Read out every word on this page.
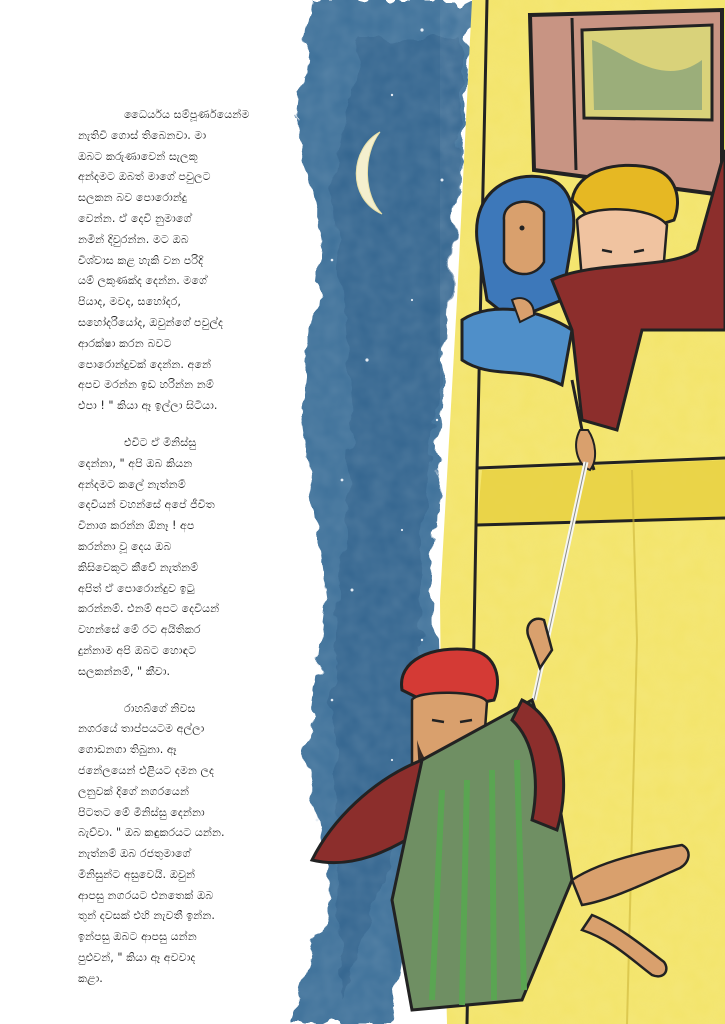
ධෛර්යය සම්පූර්ණයෙන්ම
නැතිවී ගොස් තිබෙනවා. මා
ඔබට කරුණාවෙන් සැලකූ
අන්දමට ඔබත් මාගේ පවුලට
සලකන බව පොරොන්දු
වෙන්න. ඒ දෙවි නුමාගේ
නමින් දිවුරන්න. මට ඔබ
විශ්වාස කළ හැකි වන පරිදි
යම් ලකුණක්ද දෙන්න. මගේ
පියාද, මවද, සහෝදර,
සහෝදරියෝද, ඔවුන්ගේ පවුල්ද
ආරක්ෂා කරන බවට
පොරොන්දුවක් දෙන්න. අනේ
අපව මරන්න ඉඩ හරින්න නම්
එපා ! " කියා ඈ ඉල්ලා සිටියා.

එවිට ඒ මිනිස්සු
දෙන්නා, " අපි ඔබ කියන
අන්දමට කලේ නැත්නම්
දෙවියන් වහන්සේ අපේ ජීවිත
විනාශ කරන්න ඕනෑ ! අප
කරන්නා වූ දෙය ඔබ
කිසිවෙකුට කීවේ නැත්නම්
අපිත් ඒ පොරොන්දුව ඉටු
කරන්නම්. එනම් අපට දෙවියන්
වහන්සේ මේ රට අයිතිකර
දුන්නාම අපි ඔබට හොඳට
සලකන්නම්, " කීවා.

රාහබ්ගේ නිවස
නගරයේ තාප්පයටම අල්ලා
ගොඩනගා තිබුනා. ඈ
ජනේලයෙන් එළියට දමන ලද
ලනුවක් දිගේ නගරයෙන්
පිටතට මේ මිනිස්සු දෙන්නා
බැව්වා. " ඔබ කඳුකරයට යන්න.
නැත්නම් ඔබ රජතුමාගේ
මිනිසුන්ට අසුවෙයි. ඔවුන්
ආපසු නගරයට එනතෙක් ඔබ
තුන් දවසක් එහි නැවතී ඉන්න.
ඉන්පසු ඔබට ආපසු යන්න
පුළුවන්, " කියා ඈ අවවාද
කළා.
